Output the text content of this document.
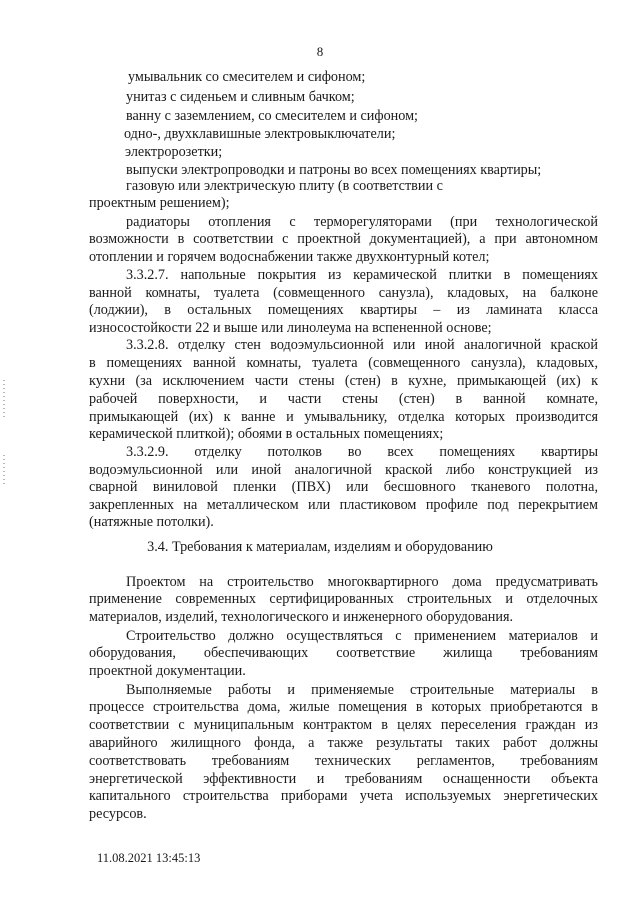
8
умывальник со смесителем и сифоном;
унитаз с сиденьем и сливным бачком;
ванну с заземлением, со смесителем и сифоном;
одно-, двухклавишные электровыключатели;
электророзетки;
выпуски электропроводки и патроны во всех помещениях квартиры;
газовую или электрическую плиту (в соответствии с
проектным решением);
радиаторы отопления с терморегуляторами (при технологической
возможности в соответствии с проектной документацией), а при автономном
отоплении и горячем водоснабжении также двухконтурный котел;
3.3.2.7. напольные покрытия из керамической плитки в помещениях
ванной комнаты, туалета (совмещенного санузла), кладовых, на балконе
(лоджии), в остальных помещениях квартиры – из ламината класса
износостойкости 22 и выше или линолеума на вспененной основе;
3.3.2.8. отделку стен водоэмульсионной или иной аналогичной краской
в помещениях ванной комнаты, туалета (совмещенного санузла), кладовых,
кухни (за исключением части стены (стен) в кухне, примыкающей (их) к
рабочей поверхности, и части стены (стен) в ванной комнате,
примыкающей (их) к ванне и умывальнику, отделка которых производится
керамической плиткой); обоями в остальных помещениях;
3.3.2.9. отделку потолков во всех помещениях квартиры
водоэмульсионной или иной аналогичной краской либо конструкцией из
сварной виниловой пленки (ПВХ) или бесшовного тканевого полотна,
закрепленных на металлическом или пластиковом профиле под перекрытием
(натяжные потолки).
3.4. Требования к материалам, изделиям и оборудованию
Проектом на строительство многоквартирного дома предусматривать
применение современных сертифицированных строительных и отделочных
материалов, изделий, технологического и инженерного оборудования.
Строительство должно осуществляться с применением материалов и
оборудования, обеспечивающих соответствие жилища требованиям
проектной документации.
Выполняемые работы и применяемые строительные материалы в
процессе строительства дома, жилые помещения в которых приобретаются в
соответствии с муниципальным контрактом в целях переселения граждан из
аварийного жилищного фонда, а также результаты таких работ должны
соответствовать требованиям технических регламентов, требованиям
энергетической эффективности и требованиям оснащенности объекта
капитального строительства приборами учета используемых энергетических
ресурсов.
11.08.2021 13:45:13
